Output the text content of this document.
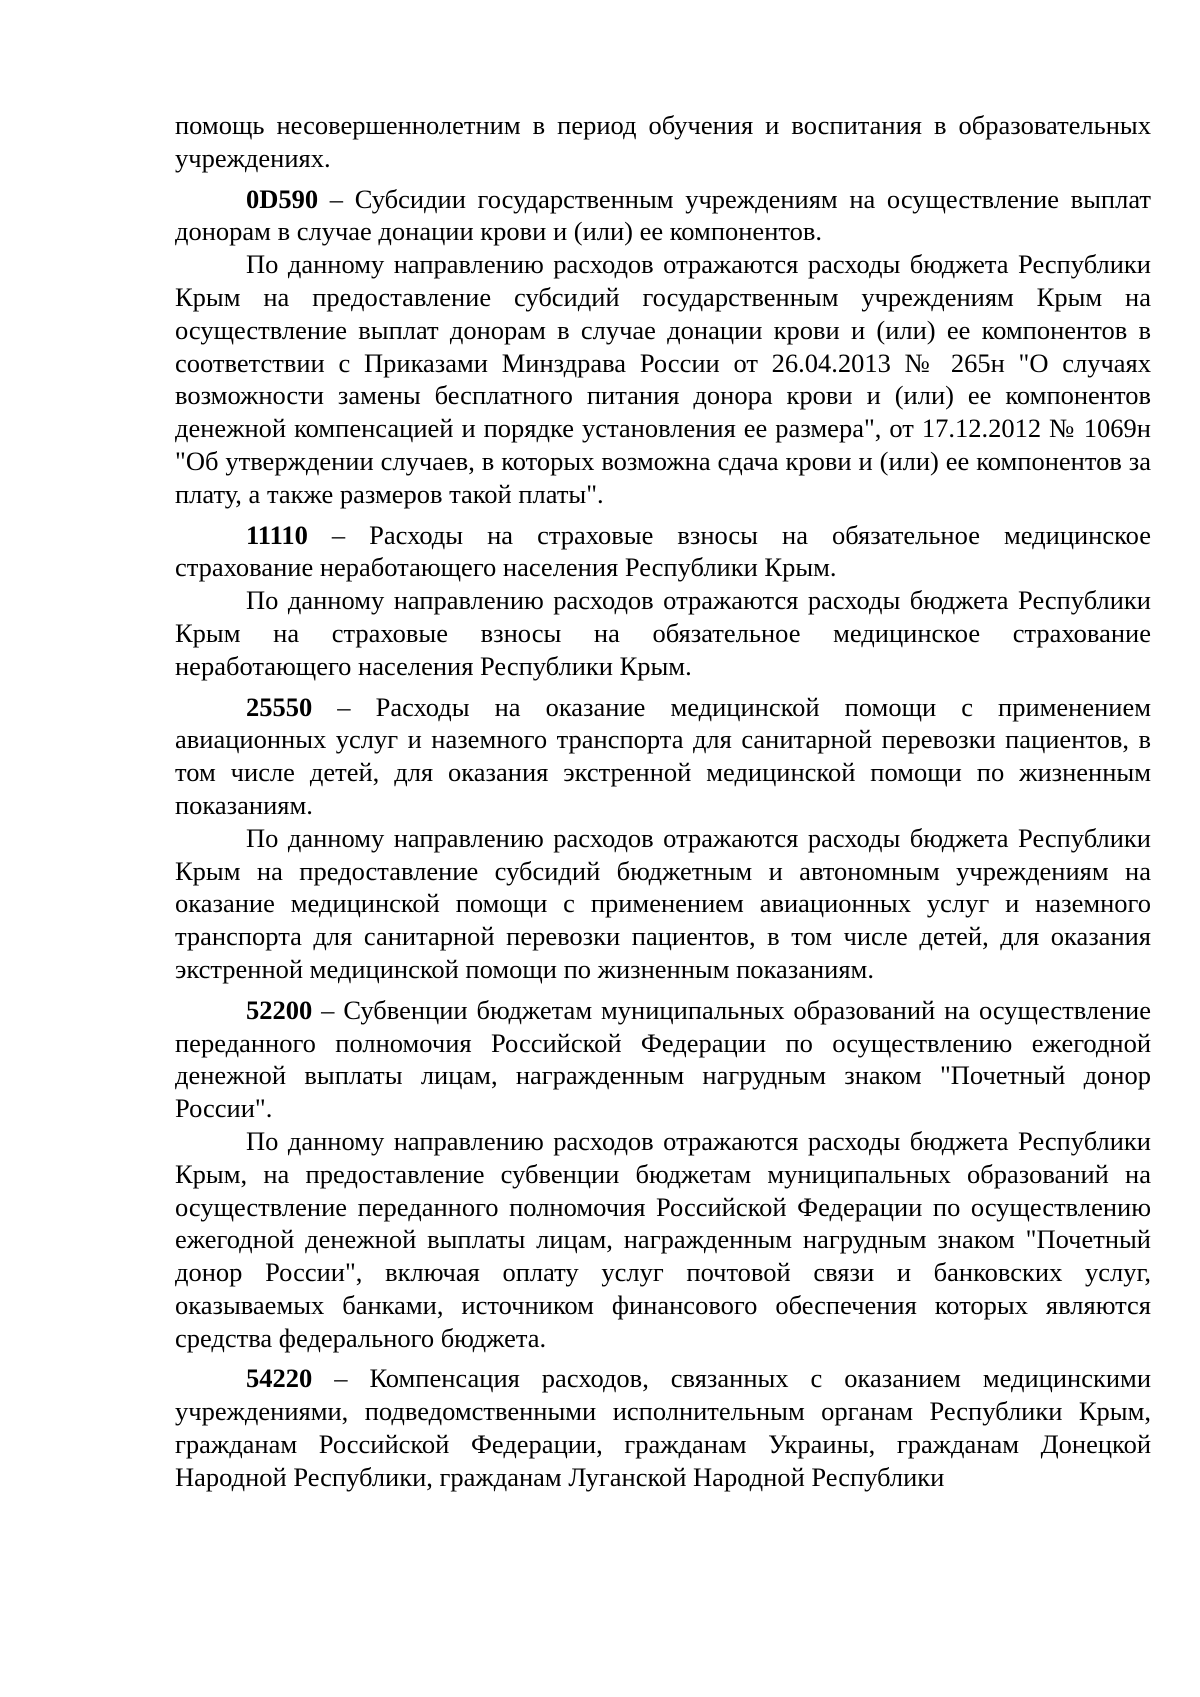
помощь несовершеннолетним в период обучения и воспитания в образовательных учреждениях.

0D590 – Субсидии государственным учреждениям на осуществление выплат донорам в случае донации крови и (или) ее компонентов.

По данному направлению расходов отражаются расходы бюджета Республики Крым на предоставление субсидий государственным учреждениям Крым на осуществление выплат донорам в случае донации крови и (или) ее компонентов в соответствии с Приказами Минздрава России от 26.04.2013 № 265н "О случаях возможности замены бесплатного питания донора крови и (или) ее компонентов денежной компенсацией и порядке установления ее размера", от 17.12.2012 № 1069н "Об утверждении случаев, в которых возможна сдача крови и (или) ее компонентов за плату, а также размеров такой платы".

11110 – Расходы на страховые взносы на обязательное медицинское страхование неработающего населения Республики Крым.

По данному направлению расходов отражаются расходы бюджета Республики Крым на страховые взносы на обязательное медицинское страхование неработающего населения Республики Крым.

25550 – Расходы на оказание медицинской помощи с применением авиационных услуг и наземного транспорта для санитарной перевозки пациентов, в том числе детей, для оказания экстренной медицинской помощи по жизненным показаниям.

По данному направлению расходов отражаются расходы бюджета Республики Крым на предоставление субсидий бюджетным и автономным учреждениям на оказание медицинской помощи с применением авиационных услуг и наземного транспорта для санитарной перевозки пациентов, в том числе детей, для оказания экстренной медицинской помощи по жизненным показаниям.

52200 – Субвенции бюджетам муниципальных образований на осуществление переданного полномочия Российской Федерации по осуществлению ежегодной денежной выплаты лицам, награжденным нагрудным знаком "Почетный донор России".

По данному направлению расходов отражаются расходы бюджета Республики Крым, на предоставление субвенции бюджетам муниципальных образований на осуществление переданного полномочия Российской Федерации по осуществлению ежегодной денежной выплаты лицам, награжденным нагрудным знаком "Почетный донор России", включая оплату услуг почтовой связи и банковских услуг, оказываемых банками, источником финансового обеспечения которых являются средства федерального бюджета.

54220 – Компенсация расходов, связанных с оказанием медицинскими учреждениями, подведомственными исполнительным органам Республики Крым, гражданам Российской Федерации, гражданам Украины, гражданам Донецкой Народной Республики, гражданам Луганской Народной Республики
